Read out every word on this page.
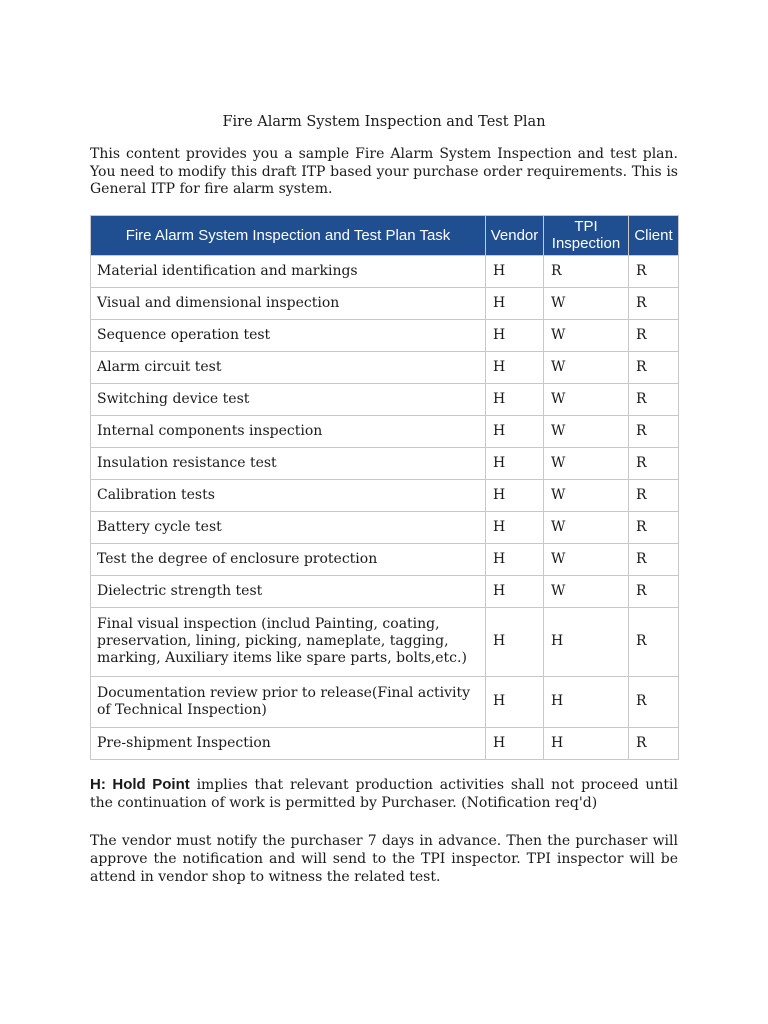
Fire Alarm System Inspection and Test Plan

This content provides you a sample Fire Alarm System Inspection and test plan. You need to modify this draft ITP based your purchase order requirements. This is General ITP for fire alarm system.

Fire Alarm System Inspection and Test Plan Task	Vendor	TPI Inspection	Client
Material identification and markings	H	R	R
Visual and dimensional inspection	H	W	R
Sequence operation test	H	W	R
Alarm circuit test	H	W	R
Switching device test	H	W	R
Internal components inspection	H	W	R
Insulation resistance test	H	W	R
Calibration tests	H	W	R
Battery cycle test	H	W	R
Test the degree of enclosure protection	H	W	R
Dielectric strength test	H	W	R
Final visual inspection (includ Painting, coating, preservation, lining, picking, nameplate, tagging, marking, Auxiliary items like spare parts, bolts,etc.)	H	H	R
Documentation review prior to release(Final activity of Technical Inspection)	H	H	R
Pre-shipment Inspection	H	H	R

H: Hold Point implies that relevant production activities shall not proceed until the continuation of work is permitted by Purchaser. (Notification req'd)

The vendor must notify the purchaser 7 days in advance. Then the purchaser will approve the notification and will send to the TPI inspector. TPI inspector will be attend in vendor shop to witness the related test.
